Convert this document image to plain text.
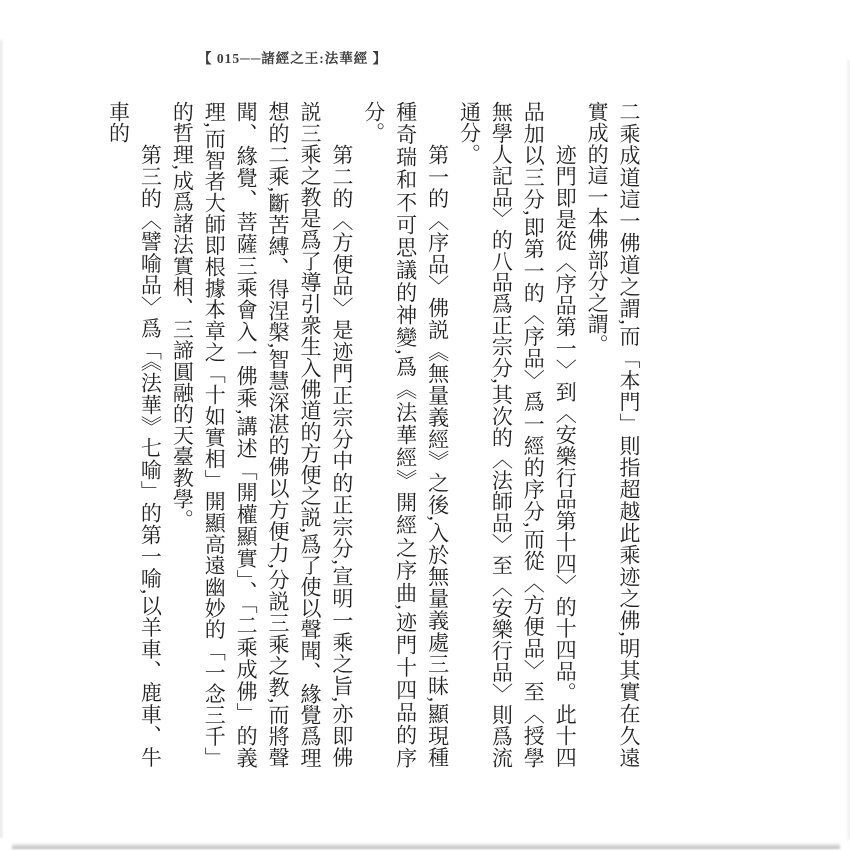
【 015──諸經之王:法華經 】

二乘成道這一佛道之謂,而「本門」則指超越此乘迹之佛,明其實在久遠實成的這一本佛部分之謂。

迹門即是從〈序品第一〉到〈安樂行品第十四〉的十四品。此十四品加以三分,即第一的〈序品〉爲一經的序分,而從〈方便品〉至〈授學無學人記品〉的八品爲正宗分,其次的〈法師品〉至〈安樂行品〉則爲流通分。

第一的〈序品〉佛説《無量義經》之後,入於無量義處三昧,顯現種種奇瑞和不可思議的神變,爲《法華經》開經之序曲,迹門十四品的序分。

第二的〈方便品〉是迹門正宗分中的正宗分,宣明一乘之旨,亦即佛説三乘之教是爲了導引衆生入佛道的方便之説,爲了使以聲聞、緣覺爲理想的二乘,斷苦縛、得涅槃,智慧深湛的佛以方便力,分説三乘之教,而將聲聞、緣覺、菩薩三乘會入一佛乘,講述「開權顯實」、「二乘成佛」的義理,而智者大師即根據本章之「十如實相」開顯高遠幽妙的「一念三千」的哲理,成爲諸法實相、三諦圓融的天臺教學。

第三的〈譬喻品〉爲「《法華》七喻」的第一喻,以羊車、鹿車、牛車的
